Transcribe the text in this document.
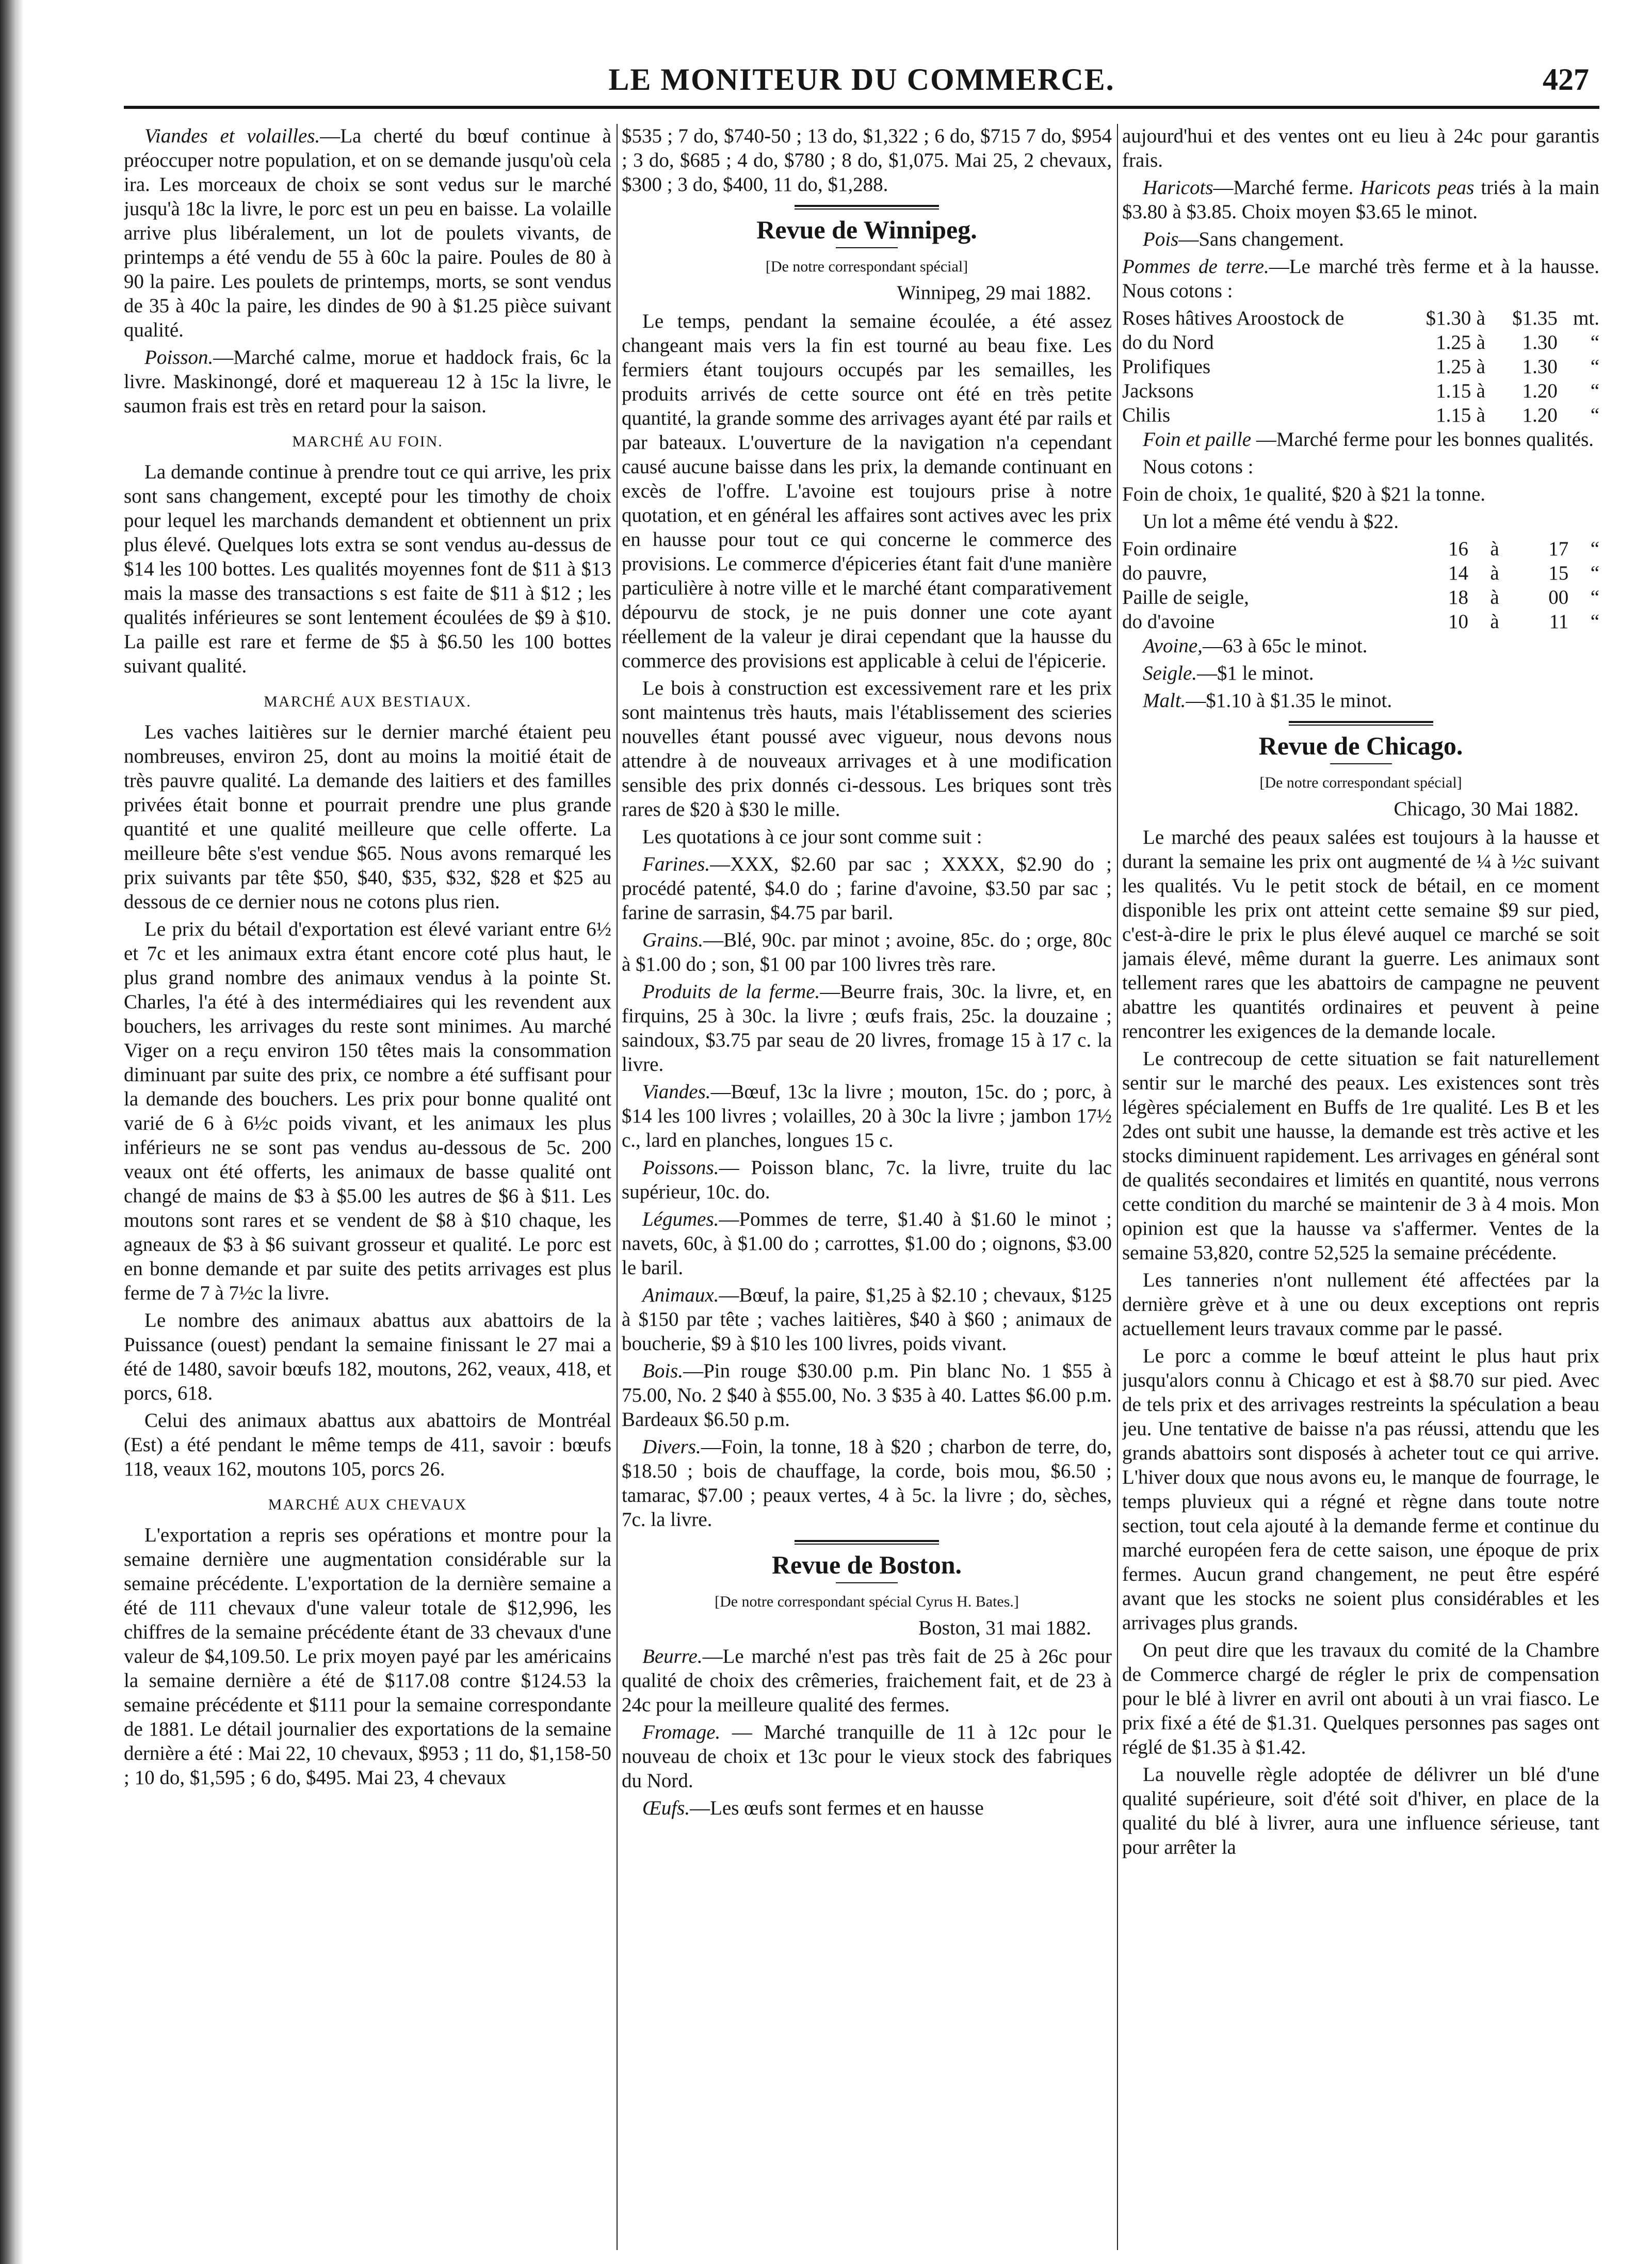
LE MONITEUR DU COMMERCE.	427

Viandes et volailles.—La cherté du bœuf continue à préoccuper notre population, et on se demande jusqu'où cela ira. Les morceaux de choix se sont vedus sur le marché jusqu'à 18c la livre, le porc est un peu en baisse. La volaille arrive plus libéralement, un lot de poulets vivants, de printemps a été vendu de 55 à 60c la paire. Poules de 80 à 90 la paire. Les poulets de printemps, morts, se sont vendus de 35 à 40c la paire, les dindes de 90 à $1.25 pièce suivant qualité.

Poisson.—Marché calme, morue et haddock frais, 6c la livre. Maskinongé, doré et maquereau 12 à 15c la livre, le saumon frais est très en retard pour la saison.

MARCHÉ AU FOIN.

La demande continue à prendre tout ce qui arrive, les prix sont sans changement, excepté pour les timothy de choix pour lequel les marchands demandent et obtiennent un prix plus élevé. Quelques lots extra se sont vendus au-dessus de $14 les 100 bottes. Les qualités moyennes font de $11 à $13 mais la masse des transactions s est faite de $11 à $12 ; les qualités inférieures se sont lentement écoulées de $9 à $10. La paille est rare et ferme de $5 à $6.50 les 100 bottes suivant qualité.

MARCHÉ AUX BESTIAUX.

Les vaches laitières sur le dernier marché étaient peu nombreuses, environ 25, dont au moins la moitié était de très pauvre qualité. La demande des laitiers et des familles privées était bonne et pourrait prendre une plus grande quantité et une qualité meilleure que celle offerte. La meilleure bête s'est vendue $65. Nous avons remarqué les prix suivants par tête $50, $40, $35, $32, $28 et $25 au dessous de ce dernier nous ne cotons plus rien.

Le prix du bétail d'exportation est élevé variant entre 6½ et 7c et les animaux extra étant encore coté plus haut, le plus grand nombre des animaux vendus à la pointe St. Charles, l'a été à des intermédiaires qui les revendent aux bouchers, les arrivages du reste sont minimes. Au marché Viger on a reçu environ 150 têtes mais la consommation diminuant par suite des prix, ce nombre a été suffisant pour la demande des bouchers. Les prix pour bonne qualité ont varié de 6 à 6½c poids vivant, et les animaux les plus inférieurs ne se sont pas vendus au-dessous de 5c. 200 veaux ont été offerts, les animaux de basse qualité ont changé de mains de $3 à $5.00 les autres de $6 à $11. Les moutons sont rares et se vendent de $8 à $10 chaque, les agneaux de $3 à $6 suivant grosseur et qualité. Le porc est en bonne demande et par suite des petits arrivages est plus ferme de 7 à 7½c la livre.

Le nombre des animaux abattus aux abattoirs de la Puissance (ouest) pendant la semaine finissant le 27 mai a été de 1480, savoir bœufs 182, moutons, 262, veaux, 418, et porcs, 618.

Celui des animaux abattus aux abattoirs de Montréal (Est) a été pendant le même temps de 411, savoir : bœufs 118, veaux 162, moutons 105, porcs 26.

MARCHÉ AUX CHEVAUX

L'exportation a repris ses opérations et montre pour la semaine dernière une augmentation considérable sur la semaine précédente. L'exportation de la dernière semaine a été de 111 chevaux d'une valeur totale de $12,996, les chiffres de la semaine précédente étant de 33 chevaux d'une valeur de $4,109.50. Le prix moyen payé par les américains la semaine dernière a été de $117.08 contre $124.53 la semaine précédente et $111 pour la semaine correspondante de 1881. Le détail journalier des exportations de la semaine dernière a été : Mai 22, 10 chevaux, $953 ; 11 do, $1,158-50 ; 10 do, $1,595 ; 6 do, $495. Mai 23, 4 chevaux

$535 ; 7 do, $740-50 ; 13 do, $1,322 ; 6 do, $715 7 do, $954 ; 3 do, $685 ; 4 do, $780 ; 8 do, $1,075. Mai 25, 2 chevaux, $300 ; 3 do, $400, 11 do, $1,288.

Revue de Winnipeg.
[De notre correspondant spécial]
Winnipeg, 29 mai 1882.

Le temps, pendant la semaine écoulée, a été assez changeant mais vers la fin est tourné au beau fixe. Les fermiers étant toujours occupés par les semailles, les produits arrivés de cette source ont été en très petite quantité, la grande somme des arrivages ayant été par rails et par bateaux. L'ouverture de la navigation n'a cependant causé aucune baisse dans les prix, la demande continuant en excès de l'offre. L'avoine est toujours prise à notre quotation, et en général les affaires sont actives avec les prix en hausse pour tout ce qui concerne le commerce des provisions. Le commerce d'épiceries étant fait d'une manière particulière à notre ville et le marché étant comparativement dépourvu de stock, je ne puis donner une cote ayant réellement de la valeur je dirai cependant que la hausse du commerce des provisions est applicable à celui de l'épicerie.

Le bois à construction est excessivement rare et les prix sont maintenus très hauts, mais l'établissement des scieries nouvelles étant poussé avec vigueur, nous devons nous attendre à de nouveaux arrivages et à une modification sensible des prix donnés ci-dessous. Les briques sont très rares de $20 à $30 le mille.

Les quotations à ce jour sont comme suit :

Farines.—XXX, $2.60 par sac ; XXXX, $2.90 do ; procédé patenté, $4.0 do ; farine d'avoine, $3.50 par sac ; farine de sarrasin, $4.75 par baril.

Grains.—Blé, 90c. par minot ; avoine, 85c. do ; orge, 80c à $1.00 do ; son, $1 00 par 100 livres très rare.

Produits de la ferme.—Beurre frais, 30c. la livre, et, en firquins, 25 à 30c. la livre ; œufs frais, 25c. la douzaine ; saindoux, $3.75 par seau de 20 livres, fromage 15 à 17 c. la livre.

Viandes.—Bœuf, 13c la livre ; mouton, 15c. do ; porc, à $14 les 100 livres ; volailles, 20 à 30c la livre ; jambon 17½ c., lard en planches, longues 15 c.

Poissons.— Poisson blanc, 7c. la livre, truite du lac supérieur, 10c. do.

Légumes.—Pommes de terre, $1.40 à $1.60 le minot ; navets, 60c, à $1.00 do ; carrottes, $1.00 do ; oignons, $3.00 le baril.

Animaux.—Bœuf, la paire, $1,25 à $2.10 ; chevaux, $125 à $150 par tête ; vaches laitières, $40 à $60 ; animaux de boucherie, $9 à $10 les 100 livres, poids vivant.

Bois.—Pin rouge $30.00 p.m. Pin blanc No. 1 $55 à 75.00, No. 2 $40 à $55.00, No. 3 $35 à 40. Lattes $6.00 p.m. Bardeaux $6.50 p.m.

Divers.—Foin, la tonne, 18 à $20 ; charbon de terre, do, $18.50 ; bois de chauffage, la corde, bois mou, $6.50 ; tamarac, $7.00 ; peaux vertes, 4 à 5c. la livre ; do, sèches, 7c. la livre.

Revue de Boston.
[De notre correspondant spécial Cyrus H. Bates.]
Boston, 31 mai 1882.

Beurre.—Le marché n'est pas très fait de 25 à 26c pour qualité de choix des crêmeries, fraichement fait, et de 23 à 24c pour la meilleure qualité des fermes.

Fromage. — Marché tranquille de 11 à 12c pour le nouveau de choix et 13c pour le vieux stock des fabriques du Nord.

Œufs.—Les œufs sont fermes et en hausse

aujourd'hui et des ventes ont eu lieu à 24c pour garantis frais.

Haricots—Marché ferme. Haricots peas triés à la main $3.80 à $3.85. Choix moyen $3.65 le minot.

Pois—Sans changement.

Pommes de terre.—Le marché très ferme et à la hausse. Nous cotons :

Roses hâtives Aroostock de	$1.30	à	$1.35	mt.
do du Nord	1.25	à	1.30	“
Prolifiques	1.25	à	1.30	“
Jacksons	1.15	à	1.20	“
Chilis	1.15	à	1.20	“

Foin et paille —Marché ferme pour les bonnes qualités.

Nous cotons :

Foin de choix, 1e qualité, $20 à $21 la tonne.

Un lot a même été vendu à $22.

Foin ordinaire	16	à	17	“
do pauvre,	14	à	15	“
Paille de seigle,	18	à	00	“
do d'avoine	10	à	11	“

Avoine,—63 à 65c le minot.

Seigle.—$1 le minot.

Malt.—$1.10 à $1.35 le minot.

Revue de Chicago.
[De notre correspondant spécial]
Chicago, 30 Mai 1882.

Le marché des peaux salées est toujours à la hausse et durant la semaine les prix ont augmenté de ¼ à ½c suivant les qualités. Vu le petit stock de bétail, en ce moment disponible les prix ont atteint cette semaine $9 sur pied, c'est-à-dire le prix le plus élevé auquel ce marché se soit jamais élevé, même durant la guerre. Les animaux sont tellement rares que les abattoirs de campagne ne peuvent abattre les quantités ordinaires et peuvent à peine rencontrer les exigences de la demande locale.

Le contrecoup de cette situation se fait naturellement sentir sur le marché des peaux. Les existences sont très légères spécialement en Buffs de 1re qualité. Les B et les 2des ont subit une hausse, la demande est très active et les stocks diminuent rapidement. Les arrivages en général sont de qualités secondaires et limités en quantité, nous verrons cette condition du marché se maintenir de 3 à 4 mois. Mon opinion est que la hausse va s'affermer. Ventes de la semaine 53,820, contre 52,525 la semaine précédente.

Les tanneries n'ont nullement été affectées par la dernière grève et à une ou deux exceptions ont repris actuellement leurs travaux comme par le passé.

Le porc a comme le bœuf atteint le plus haut prix jusqu'alors connu à Chicago et est à $8.70 sur pied. Avec de tels prix et des arrivages restreints la spéculation a beau jeu. Une tentative de baisse n'a pas réussi, attendu que les grands abattoirs sont disposés à acheter tout ce qui arrive. L'hiver doux que nous avons eu, le manque de fourrage, le temps pluvieux qui a régné et règne dans toute notre section, tout cela ajouté à la demande ferme et continue du marché européen fera de cette saison, une époque de prix fermes. Aucun grand changement, ne peut être espéré avant que les stocks ne soient plus considérables et les arrivages plus grands.

On peut dire que les travaux du comité de la Chambre de Commerce chargé de régler le prix de compensation pour le blé à livrer en avril ont abouti à un vrai fiasco. Le prix fixé a été de $1.31. Quelques personnes pas sages ont réglé de $1.35 à $1.42.

La nouvelle règle adoptée de délivrer un blé d'une qualité supérieure, soit d'été soit d'hiver, en place de la qualité du blé à livrer, aura une influence sérieuse, tant pour arrêter la
